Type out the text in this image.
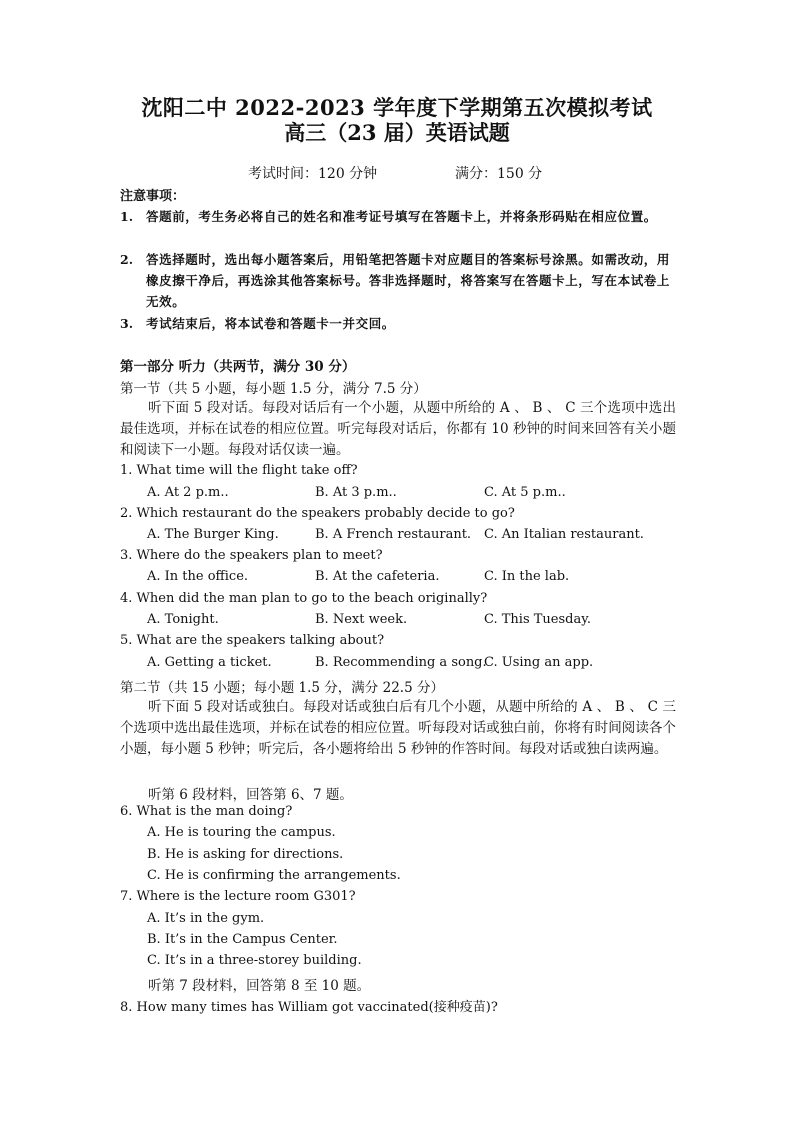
沈阳二中 2022-2023 学年度下学期第五次模拟考试
高三（23 届）英语试题
考试时间：120 分钟	满分：150 分
注意事项：
1.	答题前，考生务必将自己的姓名和准考证号填写在答题卡上，并将条形码贴在相应位置。
2.	答选择题时，选出每小题答案后，用铅笔把答题卡对应题目的答案标号涂黑。如需改动，用橡皮擦干净后，再选涂其他答案标号。答非选择题时，将答案写在答题卡上，写在本试卷上无效。
3.	考试结束后，将本试卷和答题卡一并交回。
第一部分 听力（共两节，满分 30 分）
第一节（共 5 小题，每小题 1.5 分，满分 7.5 分）
听下面 5 段对话。每段对话后有一个小题，从题中所给的 A 、 B 、 C 三个选项中选出最佳选项，并标在试卷的相应位置。听完每段对话后，你都有 10 秒钟的时间来回答有关小题和阅读下一小题。每段对话仅读一遍。
1. What time will the flight take off?
A. At 2 p.m..	B. At 3 p.m..	C. At 5 p.m..
2. Which restaurant do the speakers probably decide to go?
A. The Burger King.	B. A French restaurant. C. An Italian restaurant.
3. Where do the speakers plan to meet?
A. In the office.	B. At the cafeteria.	C. In the lab.
4. When did the man plan to go to the beach originally?
A. Tonight.	B. Next week.	C. This Tuesday.
5. What are the speakers talking about?
A. Getting a ticket.	B. Recommending a song.
C. Using an app.
第二节（共 15 小题；每小题 1.5 分，满分 22.5 分）
听下面 5 段对话或独白。每段对话或独白后有几个小题，从题中所给的 A 、 B 、 C 三个选项中选出最佳选项，并标在试卷的相应位置。听每段对话或独白前，你将有时间阅读各个小题，每小题 5 秒钟；听完后，各小题将给出 5 秒钟的作答时间。每段对话或独白读两遍。
听第 6 段材料，回答第 6、7 题。
6. What is the man doing?
A. He is touring the campus.
B. He is asking for directions.
C. He is confirming the arrangements.
7. Where is the lecture room G301?
A. It’s in the gym.
B. It’s in the Campus Center.
C. It’s in a three-storey building.
听第 7 段材料，回答第 8 至 10 题。
8. How many times has William got vaccinated(接种疫苗)?
